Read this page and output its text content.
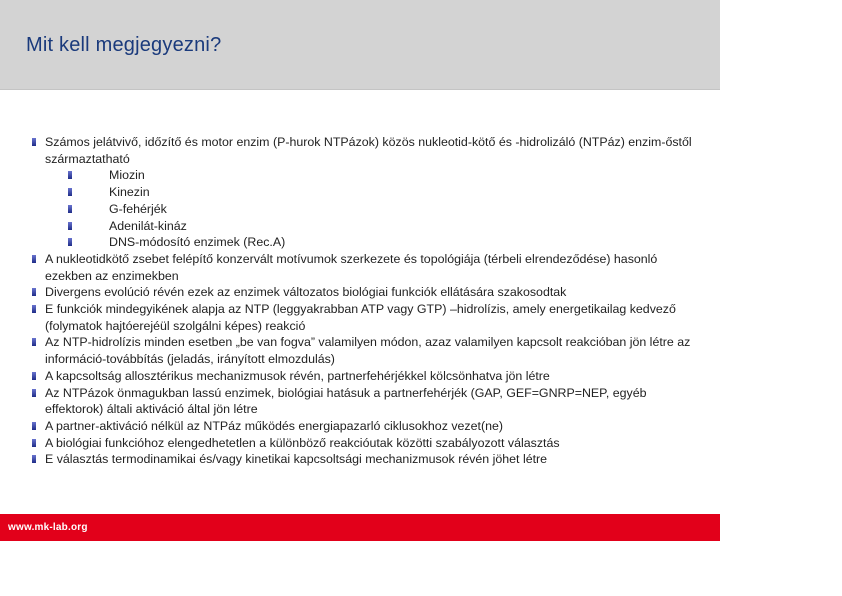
Mit kell megjegyezni?
Számos jelátvivő, időzítő és motor enzim (P-hurok NTPázok) közös nukleotid-kötő és -hidrolizáló (NTPáz) enzim-őstől származtatható
Miozin
Kinezin
G-fehérjék
Adenilát-kináz
DNS-módosító enzimek (Rec.A)
A nukleotidkötő zsebet felépítő konzervált motívumok szerkezete és topológiája (térbeli elrendeződése) hasonló ezekben az enzimekben
Divergens evolúció révén ezek az enzimek változatos biológiai funkciók ellátására szakosodtak
E funkciók mindegyikének alapja az NTP (leggyakrabban ATP vagy GTP) –hidrolízis, amely energetikailag kedvező (folymatok hajtóerejéül szolgálni képes) reakció
Az NTP-hidrolízis minden esetben „be van fogva” valamilyen módon, azaz valamilyen kapcsolt reakcióban jön létre az információ-továbbítás (jeladás, irányított elmozdulás)
A kapcsoltság allosztérikus mechanizmusok révén, partnerfehérjékkel kölcsönhatva jön létre
Az NTPázok önmagukban lassú enzimek, biológiai hatásuk a partnerfehérjék (GAP, GEF=GNRP=NEP, egyéb effektorok) általi aktiváció által jön létre
A partner-aktiváció nélkül az NTPáz működés energiapazarló ciklusokhoz vezet(ne)
A biológiai funkcióhoz elengedhetetlen a különböző reakcióutak közötti szabályozott választás
E választás termodinamikai és/vagy kinetikai kapcsoltsági mechanizmusok révén jöhet létre
www.mk-lab.org
